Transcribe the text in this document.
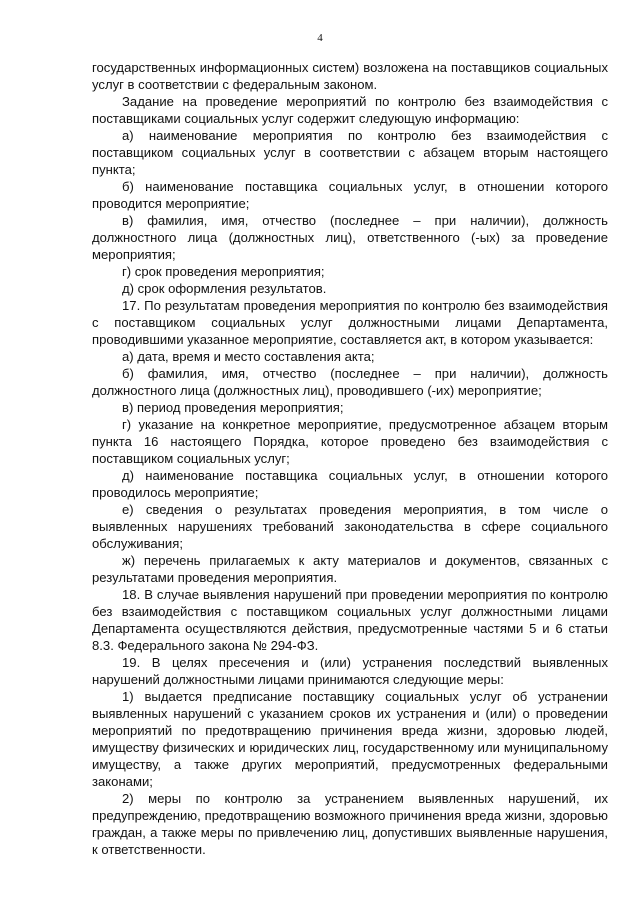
4

государственных информационных систем) возложена на поставщиков социальных услуг в соответствии с федеральным законом.

Задание на проведение мероприятий по контролю без взаимодействия с поставщиками социальных услуг содержит следующую информацию:

а) наименование мероприятия по контролю без взаимодействия с поставщиком социальных услуг в соответствии с абзацем вторым настоящего пункта;

б) наименование поставщика социальных услуг, в отношении которого проводится мероприятие;

в) фамилия, имя, отчество (последнее – при наличии), должность должностного лица (должностных лиц), ответственного (-ых) за проведение мероприятия;

г) срок проведения мероприятия;

д) срок оформления результатов.

17. По результатам проведения мероприятия по контролю без взаимодействия с поставщиком социальных услуг должностными лицами Департамента, проводившими указанное мероприятие, составляется акт, в котором указывается:

а) дата, время и место составления акта;

б) фамилия, имя, отчество (последнее – при наличии), должность должностного лица (должностных лиц), проводившего (-их) мероприятие;

в) период проведения мероприятия;

г) указание на конкретное мероприятие, предусмотренное абзацем вторым пункта 16 настоящего Порядка, которое проведено без взаимодействия с поставщиком социальных услуг;

д) наименование поставщика социальных услуг, в отношении которого проводилось мероприятие;

е) сведения о результатах проведения мероприятия, в том числе о выявленных нарушениях требований законодательства в сфере социального обслуживания;

ж) перечень прилагаемых к акту материалов и документов, связанных с результатами проведения мероприятия.

18. В случае выявления нарушений при проведении мероприятия по контролю без взаимодействия с поставщиком социальных услуг должностными лицами Департамента осуществляются действия, предусмотренные частями 5 и 6 статьи 8.3. Федерального закона № 294-ФЗ.

19. В целях пресечения и (или) устранения последствий выявленных нарушений должностными лицами принимаются следующие меры:

1) выдается предписание поставщику социальных услуг об устранении выявленных нарушений с указанием сроков их устранения и (или) о проведении мероприятий по предотвращению причинения вреда жизни, здоровью людей, имуществу физических и юридических лиц, государственному или муниципальному имуществу, а также других мероприятий, предусмотренных федеральными законами;

2) меры по контролю за устранением выявленных нарушений, их предупреждению, предотвращению возможного причинения вреда жизни, здоровью граждан, а также меры по привлечению лиц, допустивших выявленные нарушения, к ответственности.
